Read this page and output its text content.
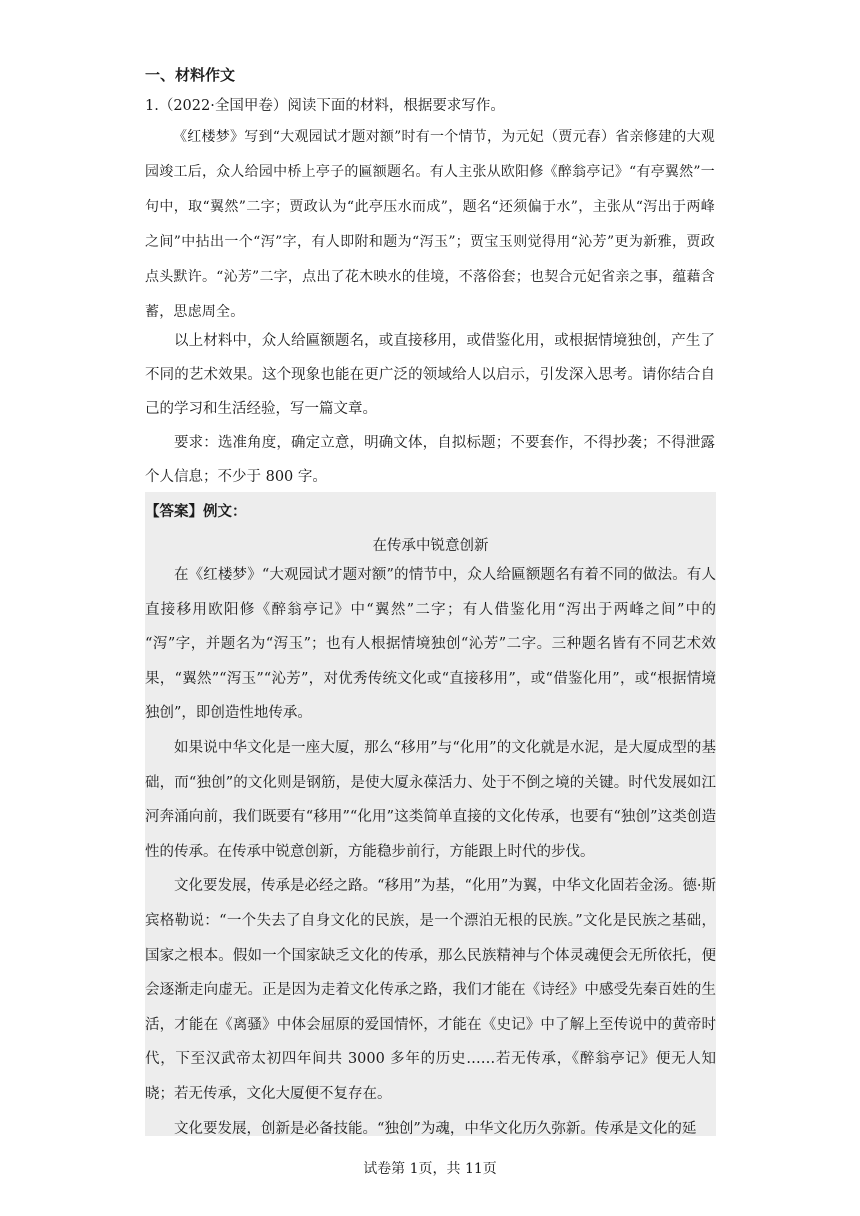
一、材料作文
1.（2022·全国甲卷）阅读下面的材料，根据要求写作。

《红楼梦》写到“大观园试才题对额”时有一个情节，为元妃（贾元春）省亲修建的大观园竣工后，众人给园中桥上亭子的匾额题名。有人主张从欧阳修《醉翁亭记》“有亭翼然”一句中，取“翼然”二字；贾政认为“此亭压水而成”，题名“还须偏于水”，主张从“泻出于两峰之间”中拈出一个“泻”字，有人即附和题为“泻玉”；贾宝玉则觉得用“沁芳”更为新雅，贾政点头默许。“沁芳”二字，点出了花木映水的佳境，不落俗套；也契合元妃省亲之事，蕴藉含蓄，思虑周全。

以上材料中，众人给匾额题名，或直接移用，或借鉴化用，或根据情境独创，产生了不同的艺术效果。这个现象也能在更广泛的领域给人以启示，引发深入思考。请你结合自己的学习和生活经验，写一篇文章。

要求：选准角度，确定立意，明确文体，自拟标题；不要套作，不得抄袭；不得泄露个人信息；不少于 800 字。

【答案】例文：
在传承中锐意创新

在《红楼梦》“大观园试才题对额”的情节中，众人给匾额题名有着不同的做法。有人直接移用欧阳修《醉翁亭记》中“翼然”二字；有人借鉴化用“泻出于两峰之间”中的 “泻”字，并题名为“泻玉”；也有人根据情境独创“沁芳”二字。三种题名皆有不同艺术效果，“翼然”“泻玉”“沁芳”，对优秀传统文化或“直接移用”，或“借鉴化用”，或“根据情境独创”，即创造性地传承。

如果说中华文化是一座大厦，那么“移用”与“化用”的文化就是水泥，是大厦成型的基础，而“独创”的文化则是钢筋，是使大厦永葆活力、处于不倒之境的关键。时代发展如江河奔涌向前，我们既要有“移用”“化用”这类简单直接的文化传承，也要有“独创”这类创造性的传承。在传承中锐意创新，方能稳步前行，方能跟上时代的步伐。

文化要发展，传承是必经之路。“移用”为基，“化用”为翼，中华文化固若金汤。德·斯宾格勒说：“一个失去了自身文化的民族，是一个漂泊无根的民族。”文化是民族之基础，国家之根本。假如一个国家缺乏文化的传承，那么民族精神与个体灵魂便会无所依托，便会逐渐走向虚无。正是因为走着文化传承之路，我们才能在《诗经》中感受先秦百姓的生活，才能在《离骚》中体会屈原的爱国情怀，才能在《史记》中了解上至传说中的黄帝时代，下至汉武帝太初四年间共 3000 多年的历史……若无传承，《醉翁亭记》便无人知晓；若无传承，文化大厦便不复存在。

文化要发展，创新是必备技能。“独创”为魂，中华文化历久弥新。传承是文化的延

试卷第 1页，共 11页
